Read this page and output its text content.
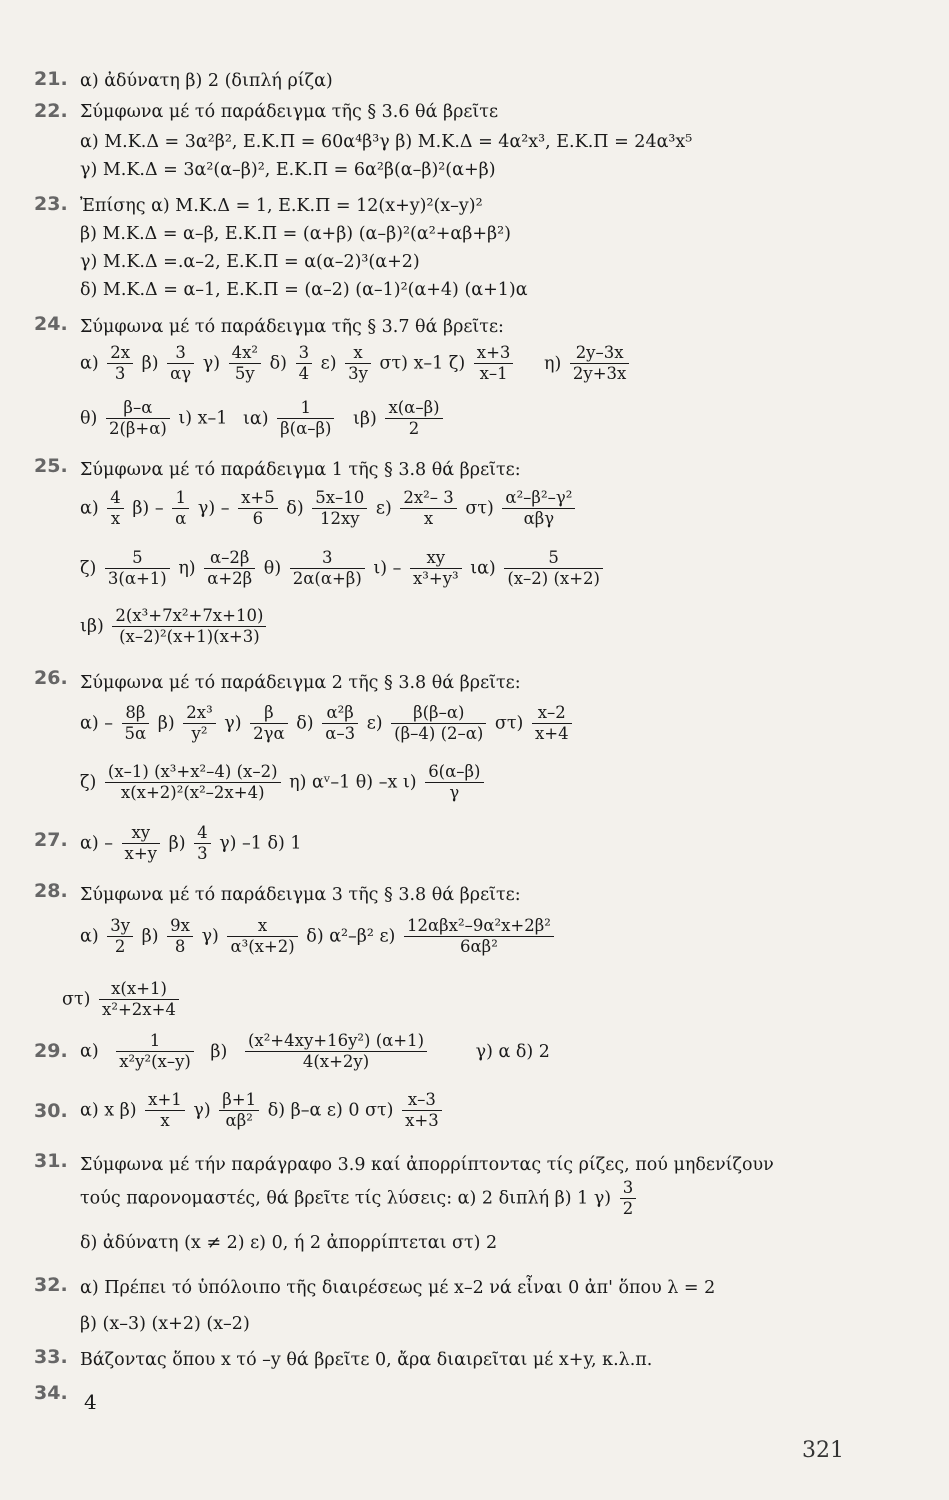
21. α) ἀδύνατη β) 2 (διπλή ρίζα)
22. Σύμφωνα μέ τό παράδειγμα τῆς § 3.6 θά βρεῖτε
α) Μ.Κ.Δ = 3α²β², Ε.Κ.Π = 60α⁴β³γ β) Μ.Κ.Δ = 4α²x³, Ε.Κ.Π = 24α³x⁵
γ) Μ.Κ.Δ = 3α²(α–β)², Ε.Κ.Π = 6α²β(α–β)²(α+β)
23. Ἐπίσης α) Μ.Κ.Δ = 1, Ε.Κ.Π = 12(x+y)²(x–y)²
β) Μ.Κ.Δ = α–β, Ε.Κ.Π = (α+β) (α–β)²(α²+αβ+β²)
γ) Μ.Κ.Δ =.α–2, Ε.Κ.Π = α(α–2)³(α+2)
δ) Μ.Κ.Δ = α–1, Ε.Κ.Π = (α–2) (α–1)²(α+4) (α+1)α
24. Σύμφωνα μέ τό παράδειγμα τῆς § 3.7 θά βρεῖτε:
$\alpha) \frac{2x}{3} \beta) \frac{3}{\alpha\gamma} \gamma) \frac{\text{4x²}}{5y} \delta) \frac{3}{4} \varepsilon) \frac{x}{3y} \sigma\tau$) x–1 $\zeta) \frac{x+3}{x-1} \eta) \frac{2y-3x}{2y+3x}$
$\theta) \frac{\beta-\alpha}{2(\beta+\alpha)} \iota$) x–1 $\iota\alpha) \frac{1}{\beta(\alpha-\beta)} \iota\beta) \frac{x(\alpha-\beta)}{2}$
25. Σύμφωνα μέ τό παράδειγμα 1 τῆς § 3.8 θά βρεῖτε:
$\alpha) \frac{4}{x} \beta) - \frac{1}{\alpha} \gamma) - \frac{x+5}{6} \delta) \frac{5x-10}{12xy} \varepsilon) \frac{\text{2x²– 3}}{x} \sigma\tau$)
α²–β²–γ²
αβγ
$\zeta) \frac{5}{3(\alpha+1)} \eta) \frac{\alpha-2\beta}{\alpha+2\beta} \theta) \frac{3}{2\alpha(\alpha+\beta)} \iota) - \frac{xy}{\text{x³+y³}} \iota\alpha) \frac{5}{(x-2) (x+2)}$
$\iota\beta) \frac{\text{2(x³+7x²+7x+10)}}{\text{(x–2)²(x+1)(x+3)}}$
26. Σύμφωνα μέ τό παράδειγμα 2 τῆς § 3.8 θά βρεῖτε:
$\alpha) - \frac{8\beta}{5\alpha} \beta) \frac{\text{2x³}}{\text{y²}} \gamma) \frac{\beta}{2\gamma\alpha} \delta) \frac{\text{α²β}}{\alpha-3} \varepsilon) \frac{\beta(\beta-\alpha)}{(\beta-4) (2-\alpha)} \sigma\tau) \frac{x-2}{x+4}$
$\zeta) \frac{\text{(x–1) (x³+x²–4) (x–2)}}{\text{x(x+2)²(x²–2x+4)}} \eta$) αᵛ–1 θ) –x $\iota) \frac{6(\alpha-\beta)}{\gamma}$
27. $\alpha) - \frac{xy}{x+y} \beta) \frac{4}{3} \gamma$) –1 δ) 1
28. Σύμφωνα μέ τό παράδειγμα 3 τῆς § 3.8 θά βρεῖτε:
$\alpha) \frac{3y}{2} \beta) \frac{9x}{8} \gamma) \frac{x}{\text{α³(x+2)}} \delta$) α²–β² ε)
12αβx²–9α²x+2β²
6αβ²
$\sigma\tau) \frac{x(x+1)}{\text{x²+2x+4}}$
29. $\alpha) \frac{1}{\text{x²y²(x–y)}} \beta) \frac{\text{(x²+4xy+16y²) (α+1)}}{4(x+2y)}$	γ) α δ) 2
30. α) x $\beta) \frac{x+1}{x} \gamma) \frac{\beta+1}{\text{αβ²}} \delta$) β–α ε) 0 $\sigma\tau) \frac{x-3}{x+3}$
31. Σύμφωνα μέ τήν παράγραφο 3.9 καί ἀπορρίπτοντας τίς ρίζες, πού μηδενίζουν
τούς παρονομαστές, θά βρεῖτε τίς λύσεις: α) 2 διπλή β) 1 $\gamma) \frac{3}{2}$
δ) ἀδύνατη (x ≠ 2) ε) 0, ή 2 ἀπορρίπτεται στ) 2
32. α) Πρέπει τό ὑπόλοιπο τῆς διαιρέσεως μέ x–2 νά εἶναι 0 ἀπ' ὅπου λ = 2
β) (x–3) (x+2) (x–2)
33. Βάζοντας ὅπου x τό –y θά βρεῖτε 0, ἄρα διαιρεῖται μέ x+y, κ.λ.π.
34. 4
321
